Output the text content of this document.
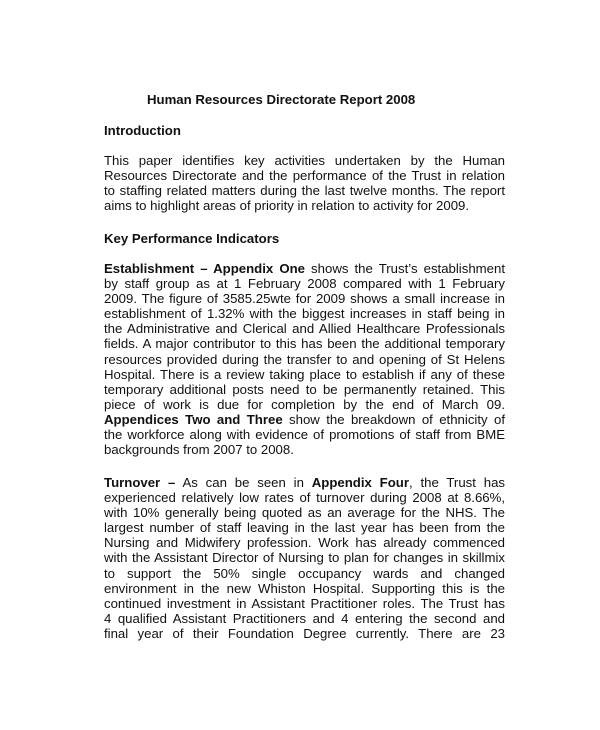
Human Resources Directorate Report 2008
Introduction
This paper identifies key activities undertaken by the Human
Resources Directorate and the performance of the Trust in relation
to staffing related matters during the last twelve months. The report
aims to highlight areas of priority in relation to activity for 2009.
Key Performance Indicators
Establishment – Appendix One shows the Trust’s establishment
by staff group as at 1 February 2008 compared with 1 February
2009. The figure of 3585.25wte for 2009 shows a small increase in
establishment of 1.32% with the biggest increases in staff being in
the Administrative and Clerical and Allied Healthcare Professionals
fields. A major contributor to this has been the additional temporary
resources provided during the transfer to and opening of St Helens
Hospital. There is a review taking place to establish if any of these
temporary additional posts need to be permanently retained. This
piece of work is due for completion by the end of March 09.
Appendices Two and Three show the breakdown of ethnicity of
the workforce along with evidence of promotions of staff from BME
backgrounds from 2007 to 2008.
Turnover – As can be seen in Appendix Four, the Trust has
experienced relatively low rates of turnover during 2008 at 8.66%,
with 10% generally being quoted as an average for the NHS. The
largest number of staff leaving in the last year has been from the
Nursing and Midwifery profession. Work has already commenced
with the Assistant Director of Nursing to plan for changes in skillmix
to support the 50% single occupancy wards and changed
environment in the new Whiston Hospital. Supporting this is the
continued investment in Assistant Practitioner roles. The Trust has
4 qualified Assistant Practitioners and 4 entering the second and
final year of their Foundation Degree currently. There are 23
